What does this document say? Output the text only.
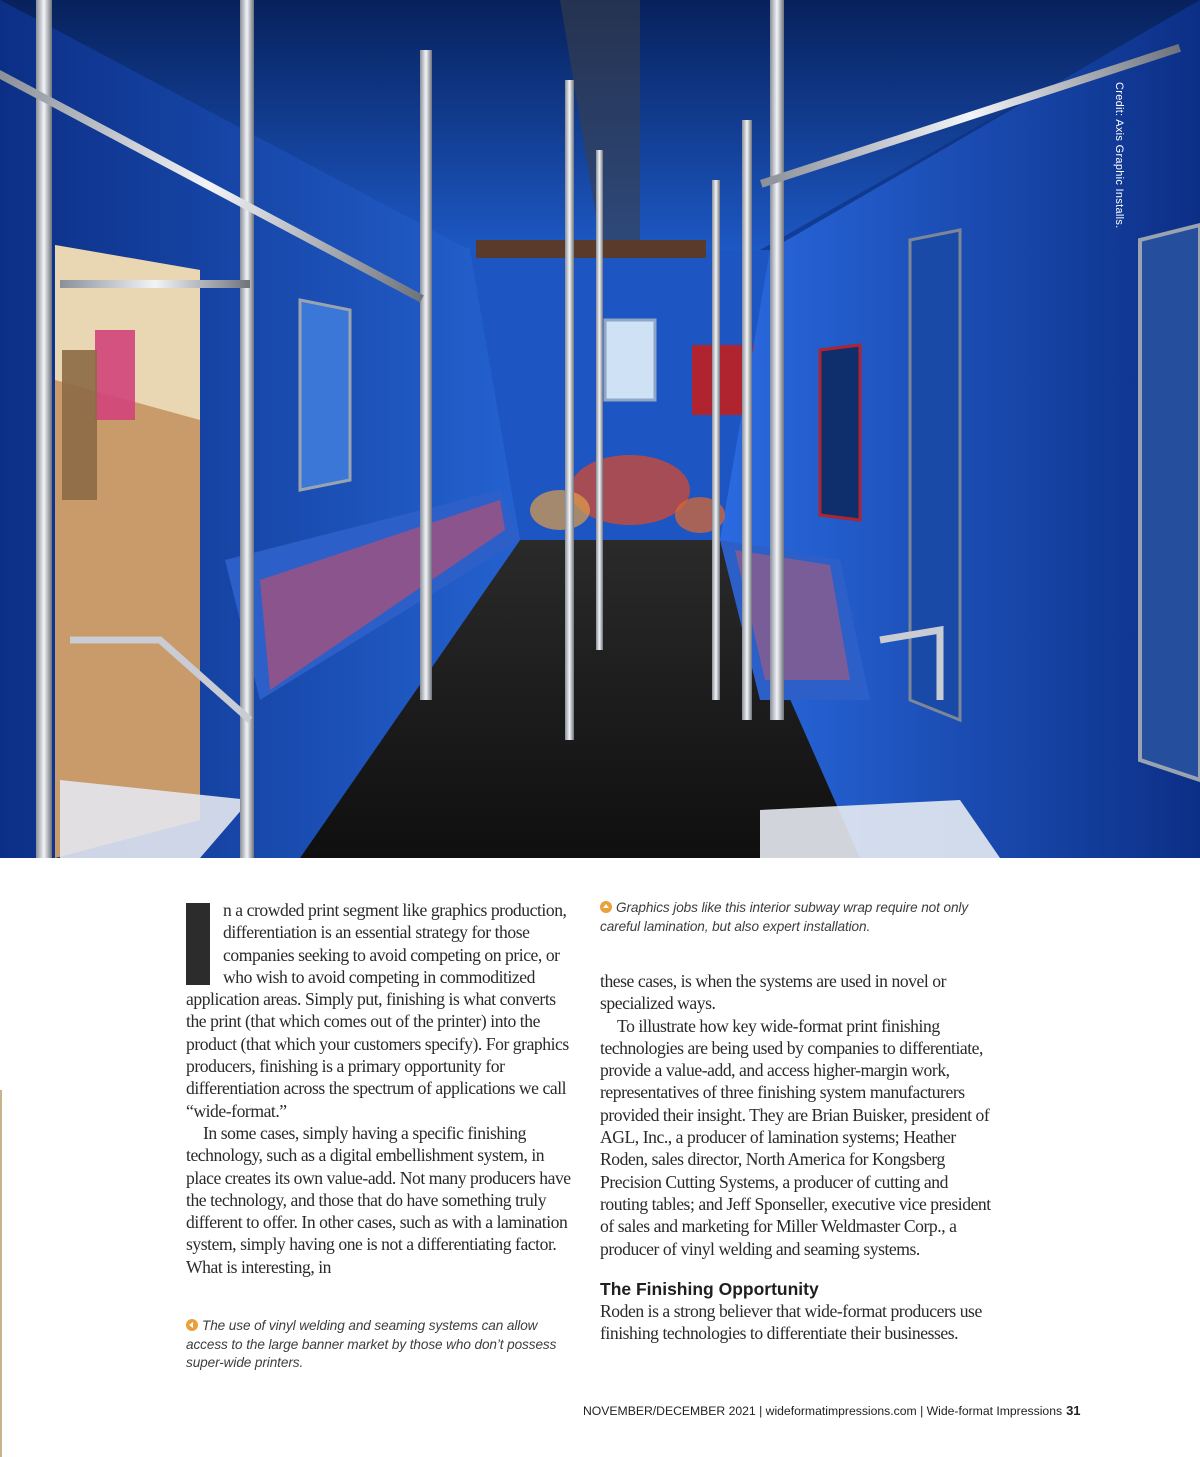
Credit: Axis Graphic Installs.

n a crowded print segment like graphics production, differentiation is an essential strategy for those companies seeking to avoid competing on price, or who wish to avoid competing in commoditized application areas. Simply put, finishing is what converts the print (that which comes out of the printer) into the product (that which your customers specify). For graphics producers, finishing is a primary opportunity for differentiation across the spectrum of applications we call “wide-format.”

In some cases, simply having a specific finishing technology, such as a digital embellishment system, in place creates its own value-add. Not many producers have the technology, and those that do have something truly different to offer. In other cases, such as with a lamination system, simply having one is not a differentiating factor. What is interesting, in

The use of vinyl welding and seaming systems can allow access to the large banner market by those who don’t possess super-wide printers.
Graphics jobs like this interior subway wrap require not only careful lamination, but also expert installation.

these cases, is when the systems are used in novel or specialized ways.

To illustrate how key wide-format print finishing technologies are being used by companies to differentiate, provide a value-add, and access higher-margin work, representatives of three finishing system manufacturers provided their insight. They are Brian Buisker, president of AGL, Inc., a producer of lamination systems; Heather Roden, sales director, North America for Kongsberg Precision Cutting Systems, a producer of cutting and routing tables; and Jeff Sponseller, executive vice president of sales and marketing for Miller Weldmaster Corp., a producer of vinyl welding and seaming systems.

The Finishing Opportunity

Roden is a strong believer that wide-format producers use finishing technologies to differentiate their businesses.

NOVEMBER/DECEMBER 2021 | wideformatimpressions.com | Wide-format Impressions 31
